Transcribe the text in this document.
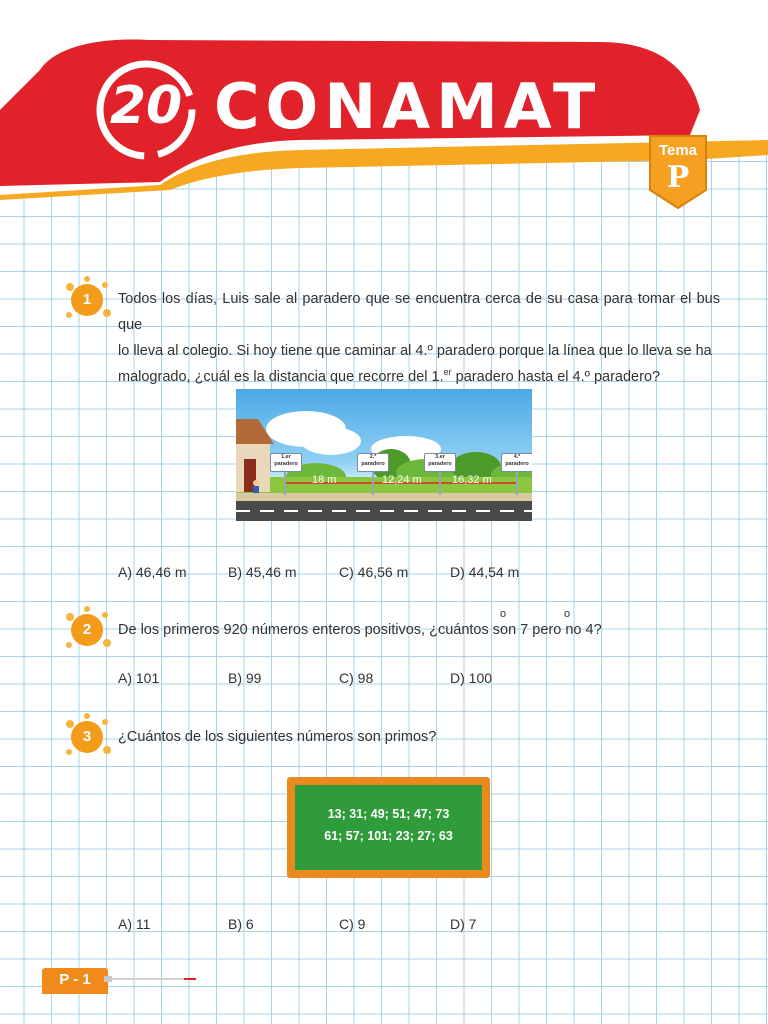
20 CONAMAT
Tema
P
1	Todos los días, Luis sale al paradero que se encuentra cerca de su casa para tomar el bus que
lo lleva al colegio. Si hoy tiene que caminar al 4.º paradero porque la línea que lo lleva se ha
malogrado, ¿cuál es la distancia que recorre del 1.$^{er}$ paradero hasta el 4.º paradero?
1.er
paradero
2.º
paradero
3.er
paradero
4.º
paradero
18 m	12,24 m	16,32 m
A) 46,46 m	B) 45,46 m	C) 46,56 m	D) 44,54 m
2
o	o
De los primeros 920 números enteros positivos, ¿cuántos son 7 pero no 4?
A) 101	B) 99	C) 98	D) 100
3	¿Cuántos de los siguientes números son primos?
13; 31; 49; 51; 47; 73
61; 57; 101; 23; 27; 63
A) 11	B) 6	C) 9	D) 7
P - 1
